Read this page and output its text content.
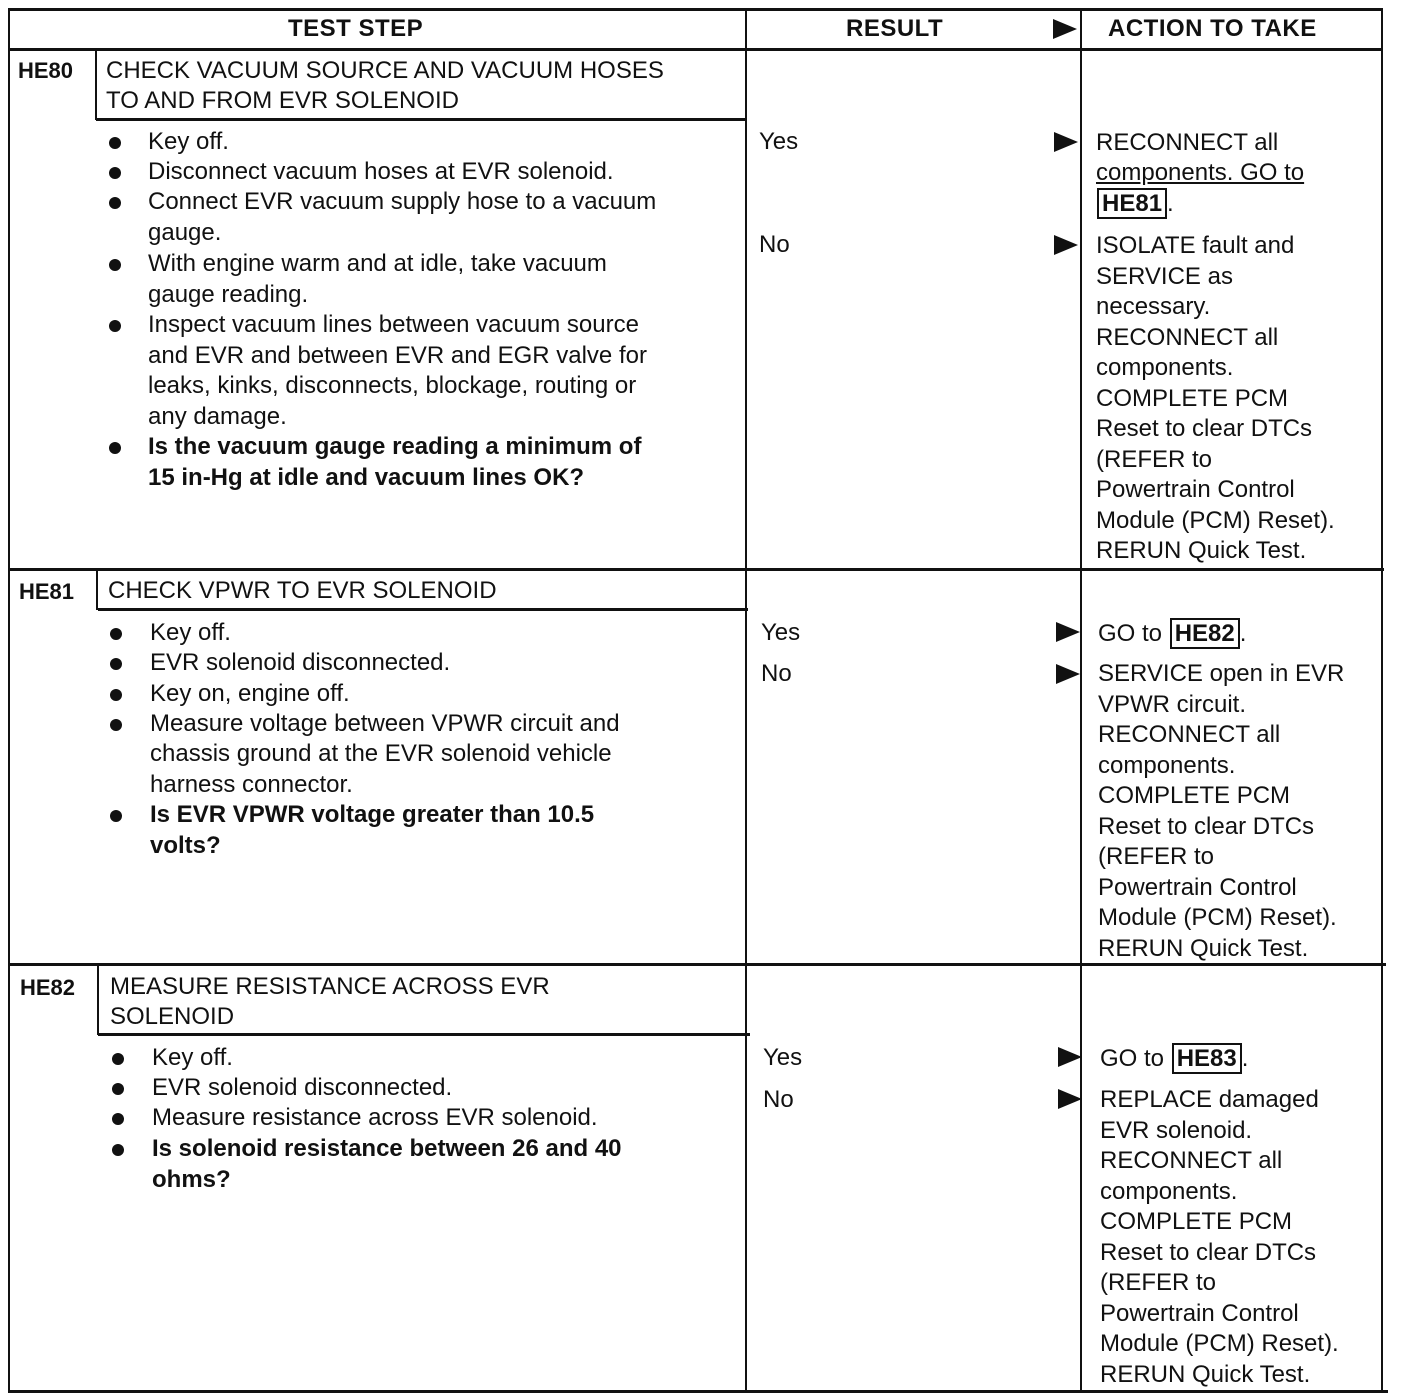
TEST STEP	RESULT	ACTION TO TAKE
HE80 CHECK VACUUM SOURCE AND VACUUM HOSES
TO AND FROM EVR SOLENOID
Key off.
Disconnect vacuum hoses at EVR solenoid.
Connect EVR vacuum supply hose to a vacuum
gauge.
With engine warm and at idle, take vacuum
gauge reading.
Inspect vacuum lines between vacuum source
and EVR and between EVR and EGR valve for
leaks, kinks, disconnects, blockage, routing or
any damage.
Is the vacuum gauge reading a minimum of
15 in-Hg at idle and vacuum lines OK?
Yes
No
RECONNECT all
components. GO to
HE81 .
ISOLATE fault and
SERVICE as
necessary.
RECONNECT all
components.
COMPLETE PCM
Reset to clear DTCs
(REFER to
Powertrain Control
Module (PCM) Reset).
RERUN Quick Test.
HE81 CHECK VPWR TO EVR SOLENOID
Key off.
EVR solenoid disconnected.
Key on, engine off.
Measure voltage between VPWR circuit and
chassis ground at the EVR solenoid vehicle
harness connector.
Is EVR VPWR voltage greater than 10.5
volts?
Yes
No
GO to HE82 .
SERVICE open in EVR
VPWR circuit.
RECONNECT all
components.
COMPLETE PCM
Reset to clear DTCs
(REFER to
Powertrain Control
Module (PCM) Reset).
RERUN Quick Test.
HE82 MEASURE RESISTANCE ACROSS EVR
SOLENOID
Key off.
EVR solenoid disconnected.
Measure resistance across EVR solenoid.
Is solenoid resistance between 26 and 40
ohms?
Yes
No
GO to HE83 .
REPLACE damaged
EVR solenoid.
RECONNECT all
components.
COMPLETE PCM
Reset to clear DTCs
(REFER to
Powertrain Control
Module (PCM) Reset).
RERUN Quick Test.
